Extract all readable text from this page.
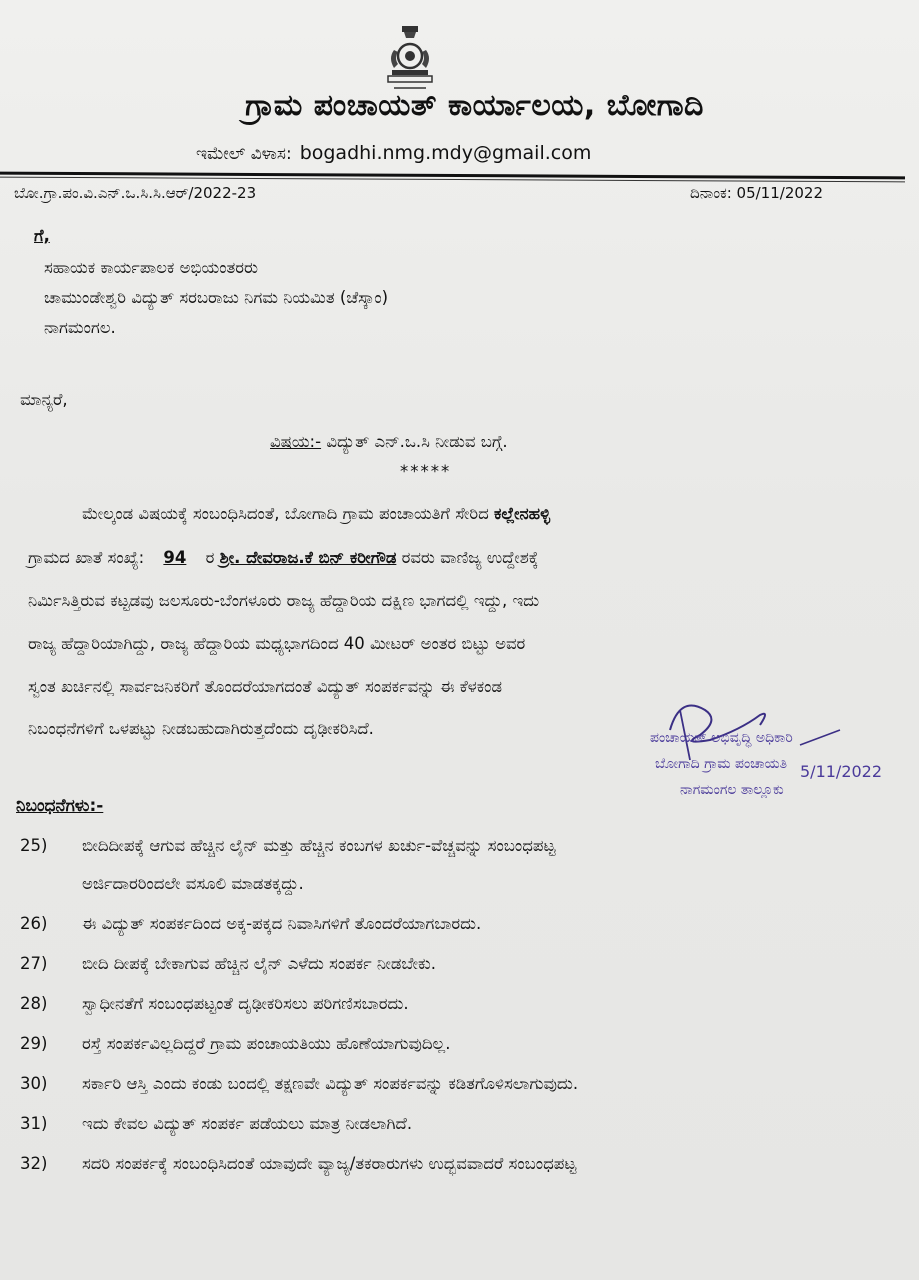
ಗ್ರಾಮ ಪಂಚಾಯತ್ ಕಾರ್ಯಾಲಯ, ಬೋಗಾದಿ
ಇಮೇಲ್ ವಿಳಾಸ: bogadhi.nmg.mdy@gmail.com
ಬೋ.ಗ್ರಾ.ಪಂ.ವಿ.ಎನ್.ಒ.ಸಿ.ಸಿ.ಆರ್/2022-23	ದಿನಾಂಕ: 05/11/2022
ಗೆ,
ಸಹಾಯಕ ಕಾರ್ಯಪಾಲಕ ಅಭಿಯಂತರರು
ಚಾಮುಂಡೇಶ್ವರಿ ವಿದ್ಯುತ್ ಸರಬರಾಜು ನಿಗಮ ನಿಯಮಿತ (ಚೆಸ್ಕಾಂ)
ನಾಗಮಂಗಲ.
ಮಾನ್ಯರೆ,
ವಿಷಯ:- ವಿದ್ಯುತ್ ಎನ್.ಒ.ಸಿ ನೀಡುವ ಬಗ್ಗೆ.
*****
ಮೇಲ್ಕಂಡ ವಿಷಯಕ್ಕೆ ಸಂಬಂಧಿಸಿದಂತೆ, ಬೋಗಾದಿ ಗ್ರಾಮ ಪಂಚಾಯತಿಗೆ ಸೇರಿದ ಕಲ್ಲೇನಹಳ್ಳಿ
ಗ್ರಾಮದ ಖಾತೆ ಸಂಖ್ಯೆ: 94 ರ ಶ್ರೀ. ದೇವರಾಜ.ಕೆ ಬಿನ್ ಕರೀಗೌಡ ರವರು ವಾಣಿಜ್ಯ ಉದ್ದೇಶಕ್ಕೆ
ನಿರ್ಮಿಸಿತ್ತಿರುವ ಕಟ್ಟಡವು ಜಲಸೂರು-ಬೆಂಗಳೂರು ರಾಜ್ಯ ಹೆದ್ದಾರಿಯ ದಕ್ಷಿಣ ಭಾಗದಲ್ಲಿ ಇದ್ದು, ಇದು
ರಾಜ್ಯ ಹೆದ್ದಾರಿಯಾಗಿದ್ದು, ರಾಜ್ಯ ಹೆದ್ದಾರಿಯ ಮಧ್ಯಭಾಗದಿಂದ 40 ಮೀಟರ್ ಅಂತರ ಬಿಟ್ಟು ಅವರ
ಸ್ವಂತ ಖರ್ಚಿನಲ್ಲಿ ಸಾರ್ವಜನಿಕರಿಗೆ ತೊಂದರೆಯಾಗದಂತೆ ವಿದ್ಯುತ್ ಸಂಪರ್ಕವನ್ನು ಈ ಕೆಳಕಂಡ
ನಿಬಂಧನೆಗಳಿಗೆ ಒಳಪಟ್ಟು ನೀಡಬಹುದಾಗಿರುತ್ತದೆಂದು ದೃಢೀಕರಿಸಿದೆ.	ಪಂಚಾಯತ್ ಅಭಿವೃದ್ಧಿ ಅಧಿಕಾರಿ
ಬೋಗಾದಿ ಗ್ರಾಮ ಪಂಚಾಯತಿ
ನಾಗಮಂಗಲ ತಾಲ್ಲೂಕು
5/11/2022
ನಿಬಂಧನೆಗಳು:-
25) ಬೀದಿದೀಪಕ್ಕೆ ಆಗುವ ಹೆಚ್ಚಿನ ಲೈನ್ ಮತ್ತು ಹೆಚ್ಚಿನ ಕಂಬಗಳ ಖರ್ಚು-ವೆಚ್ಚವನ್ನು ಸಂಬಂಧಪಟ್ಟ
ಅರ್ಜಿದಾರರಿಂದಲೇ ವಸೂಲಿ ಮಾಡತಕ್ಕದ್ದು.
26) ಈ ವಿದ್ಯುತ್ ಸಂಪರ್ಕದಿಂದ ಅಕ್ಕ-ಪಕ್ಕದ ನಿವಾಸಿಗಳಿಗೆ ತೊಂದರೆಯಾಗಬಾರದು.
27) ಬೀದಿ ದೀಪಕ್ಕೆ ಬೇಕಾಗುವ ಹೆಚ್ಚಿನ ಲೈನ್ ಎಳೆದು ಸಂಪರ್ಕ ನೀಡಬೇಕು.
28) ಸ್ವಾಧೀನತೆಗೆ ಸಂಬಂಧಪಟ್ಟಂತೆ ದೃಢೀಕರಿಸಲು ಪರಿಗಣಿಸಬಾರದು.
29) ರಸ್ತೆ ಸಂಪರ್ಕವಿಲ್ಲದಿದ್ದರೆ ಗ್ರಾಮ ಪಂಚಾಯತಿಯು ಹೊಣೆಯಾಗುವುದಿಲ್ಲ.
30) ಸರ್ಕಾರಿ ಆಸ್ತಿ ಎಂದು ಕಂಡು ಬಂದಲ್ಲಿ ತಕ್ಷಣವೇ ವಿದ್ಯುತ್ ಸಂಪರ್ಕವನ್ನು ಕಡಿತಗೊಳಿಸಲಾಗುವುದು.
31) ಇದು ಕೇವಲ ವಿದ್ಯುತ್ ಸಂಪರ್ಕ ಪಡೆಯಲು ಮಾತ್ರ ನೀಡಲಾಗಿದೆ.
32) ಸದರಿ ಸಂಪರ್ಕಕ್ಕೆ ಸಂಬಂಧಿಸಿದಂತೆ ಯಾವುದೇ ವ್ಯಾಜ್ಯ/ತಕರಾರುಗಳು ಉದ್ಭವವಾದರೆ ಸಂಬಂಧಪಟ್ಟ
